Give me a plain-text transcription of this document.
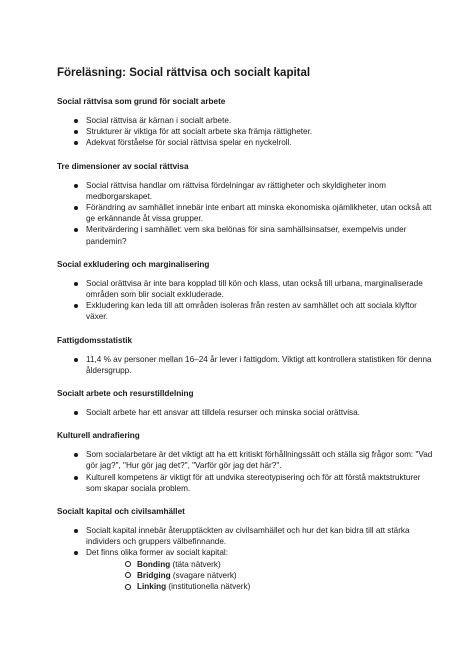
Föreläsning: Social rättvisa och socialt kapital
Social rättvisa som grund för socialt arbete
Social rättvisa är kärnan i socialt arbete.
Strukturer är viktiga för att socialt arbete ska främja rättigheter.
Adekvat förståelse för social rättvisa spelar en nyckelroll.
Tre dimensioner av social rättvisa
Social rättvisa handlar om rättvisa fördelningar av rättigheter och skyldigheter inom medborgarskapet.
Förändring av samhället innebär inte enbart att minska ekonomiska ojämlikheter, utan också att ge erkännande åt vissa grupper.
Meritvärdering i samhället: vem ska belönas för sina samhällsinsatser, exempelvis under pandemin?
Social exkludering och marginalisering
Social orättvisa är inte bara kopplad till kön och klass, utan också till urbana, marginaliserade områden som blir socialt exkluderade.
Exkludering kan leda till att områden isoleras från resten av samhället och att sociala klyftor växer.
Fattigdomsstatistik
11,4 % av personer mellan 16–24 år lever i fattigdom. Viktigt att kontrollera statistiken för denna åldersgrupp.
Socialt arbete och resurstilldelning
Socialt arbete har ett ansvar att tilldela resurser och minska social orättvisa.
Kulturell andrafiering
Som socialarbetare är det viktigt att ha ett kritiskt förhållningssätt och ställa sig frågor som: "Vad gör jag?", "Hur gör jag det?", "Varför gör jag det här?".
Kulturell kompetens är viktigt för att undvika stereotypisering och för att förstå maktstrukturer som skapar sociala problem.
Socialt kapital och civilsamhället
Socialt kapital innebär återupptäckten av civilsamhället och hur det kan bidra till att stärka individers och gruppers välbefinnande.
Det finns olika former av socialt kapital:
Bonding (täta nätverk)
Bridging (svagare nätverk)
Linking (institutionella nätverk)
